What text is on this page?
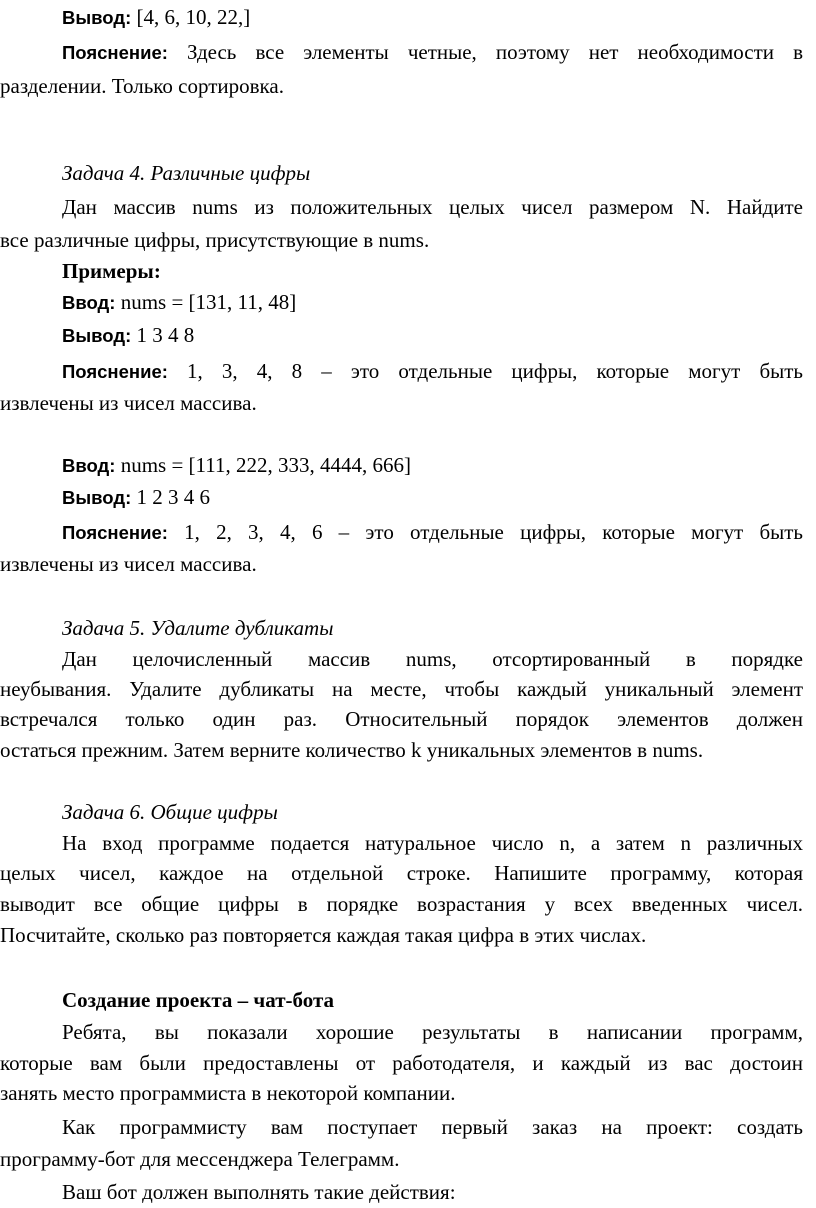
Вывод: [4, 6, 10, 22,]
Пояснение: Здесь все элементы четные, поэтому нет необходимости в
разделении. Только сортировка.
Задача 4. Различные цифры
Дан массив nums из положительных целых чисел размером N. Найдите
все различные цифры, присутствующие в nums.
Примеры:
Ввод: nums = [131, 11, 48]
Вывод: 1 3 4 8
Пояснение: 1, 3, 4, 8 – это отдельные цифры, которые могут быть
извлечены из чисел массива.
Ввод: nums = [111, 222, 333, 4444, 666]
Вывод: 1 2 3 4 6
Пояснение: 1, 2, 3, 4, 6 – это отдельные цифры, которые могут быть
извлечены из чисел массива.
Задача 5. Удалите дубликаты
Дан целочисленный массив nums, отсортированный в порядке
неубывания. Удалите дубликаты на месте, чтобы каждый уникальный элемент
встречался только один раз. Относительный порядок элементов должен
остаться прежним. Затем верните количество k уникальных элементов в nums.
Задача 6. Общие цифры
На вход программе подается натуральное число n, а затем n различных
целых чисел, каждое на отдельной строке. Напишите программу, которая
выводит все общие цифры в порядке возрастания у всех введенных чисел.
Посчитайте, сколько раз повторяется каждая такая цифра в этих числах.
Создание проекта – чат-бота
Ребята, вы показали хорошие результаты в написании программ,
которые вам были предоставлены от работодателя, и каждый из вас достоин
занять место программиста в некоторой компании.
Как программисту вам поступает первый заказ на проект: создать
программу-бот для мессенджера Телеграмм.
Ваш бот должен выполнять такие действия:
